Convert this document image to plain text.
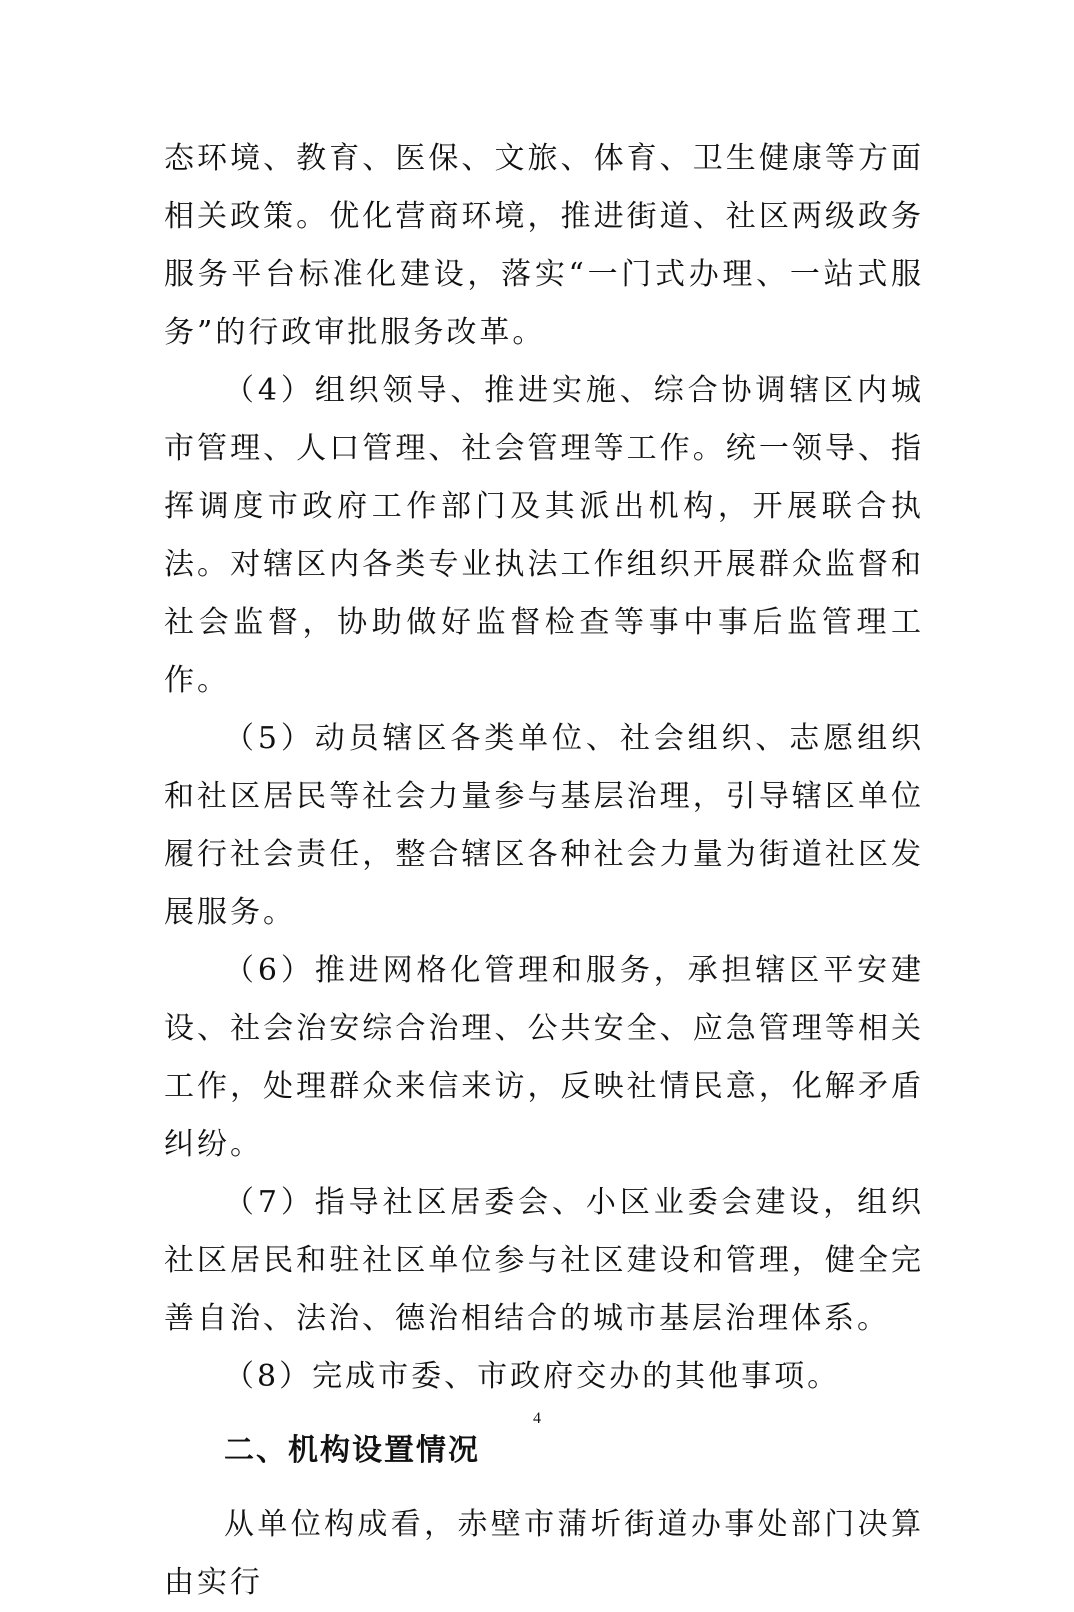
态环境、教育、医保、文旅、体育、卫生健康等方面相关政策。优化营商环境，推进街道、社区两级政务服务平台标准化建设，落实“一门式办理、一站式服务”的行政审批服务改革。

（4）组织领导、推进实施、综合协调辖区内城市管理、人口管理、社会管理等工作。统一领导、指挥调度市政府工作部门及其派出机构，开展联合执法。对辖区内各类专业执法工作组织开展群众监督和社会监督，协助做好监督检查等事中事后监管理工作。

（5）动员辖区各类单位、社会组织、志愿组织和社区居民等社会力量参与基层治理，引导辖区单位履行社会责任，整合辖区各种社会力量为街道社区发展服务。

（6）推进网格化管理和服务，承担辖区平安建设、社会治安综合治理、公共安全、应急管理等相关工作，处理群众来信来访，反映社情民意，化解矛盾纠纷。

（7）指导社区居委会、小区业委会建设，组织社区居民和驻社区单位参与社区建设和管理，健全完善自治、法治、德治相结合的城市基层治理体系。

（8）完成市委、市政府交办的其他事项。

二、机构设置情况

从单位构成看，赤壁市蒲圻街道办事处部门决算由实行

4
